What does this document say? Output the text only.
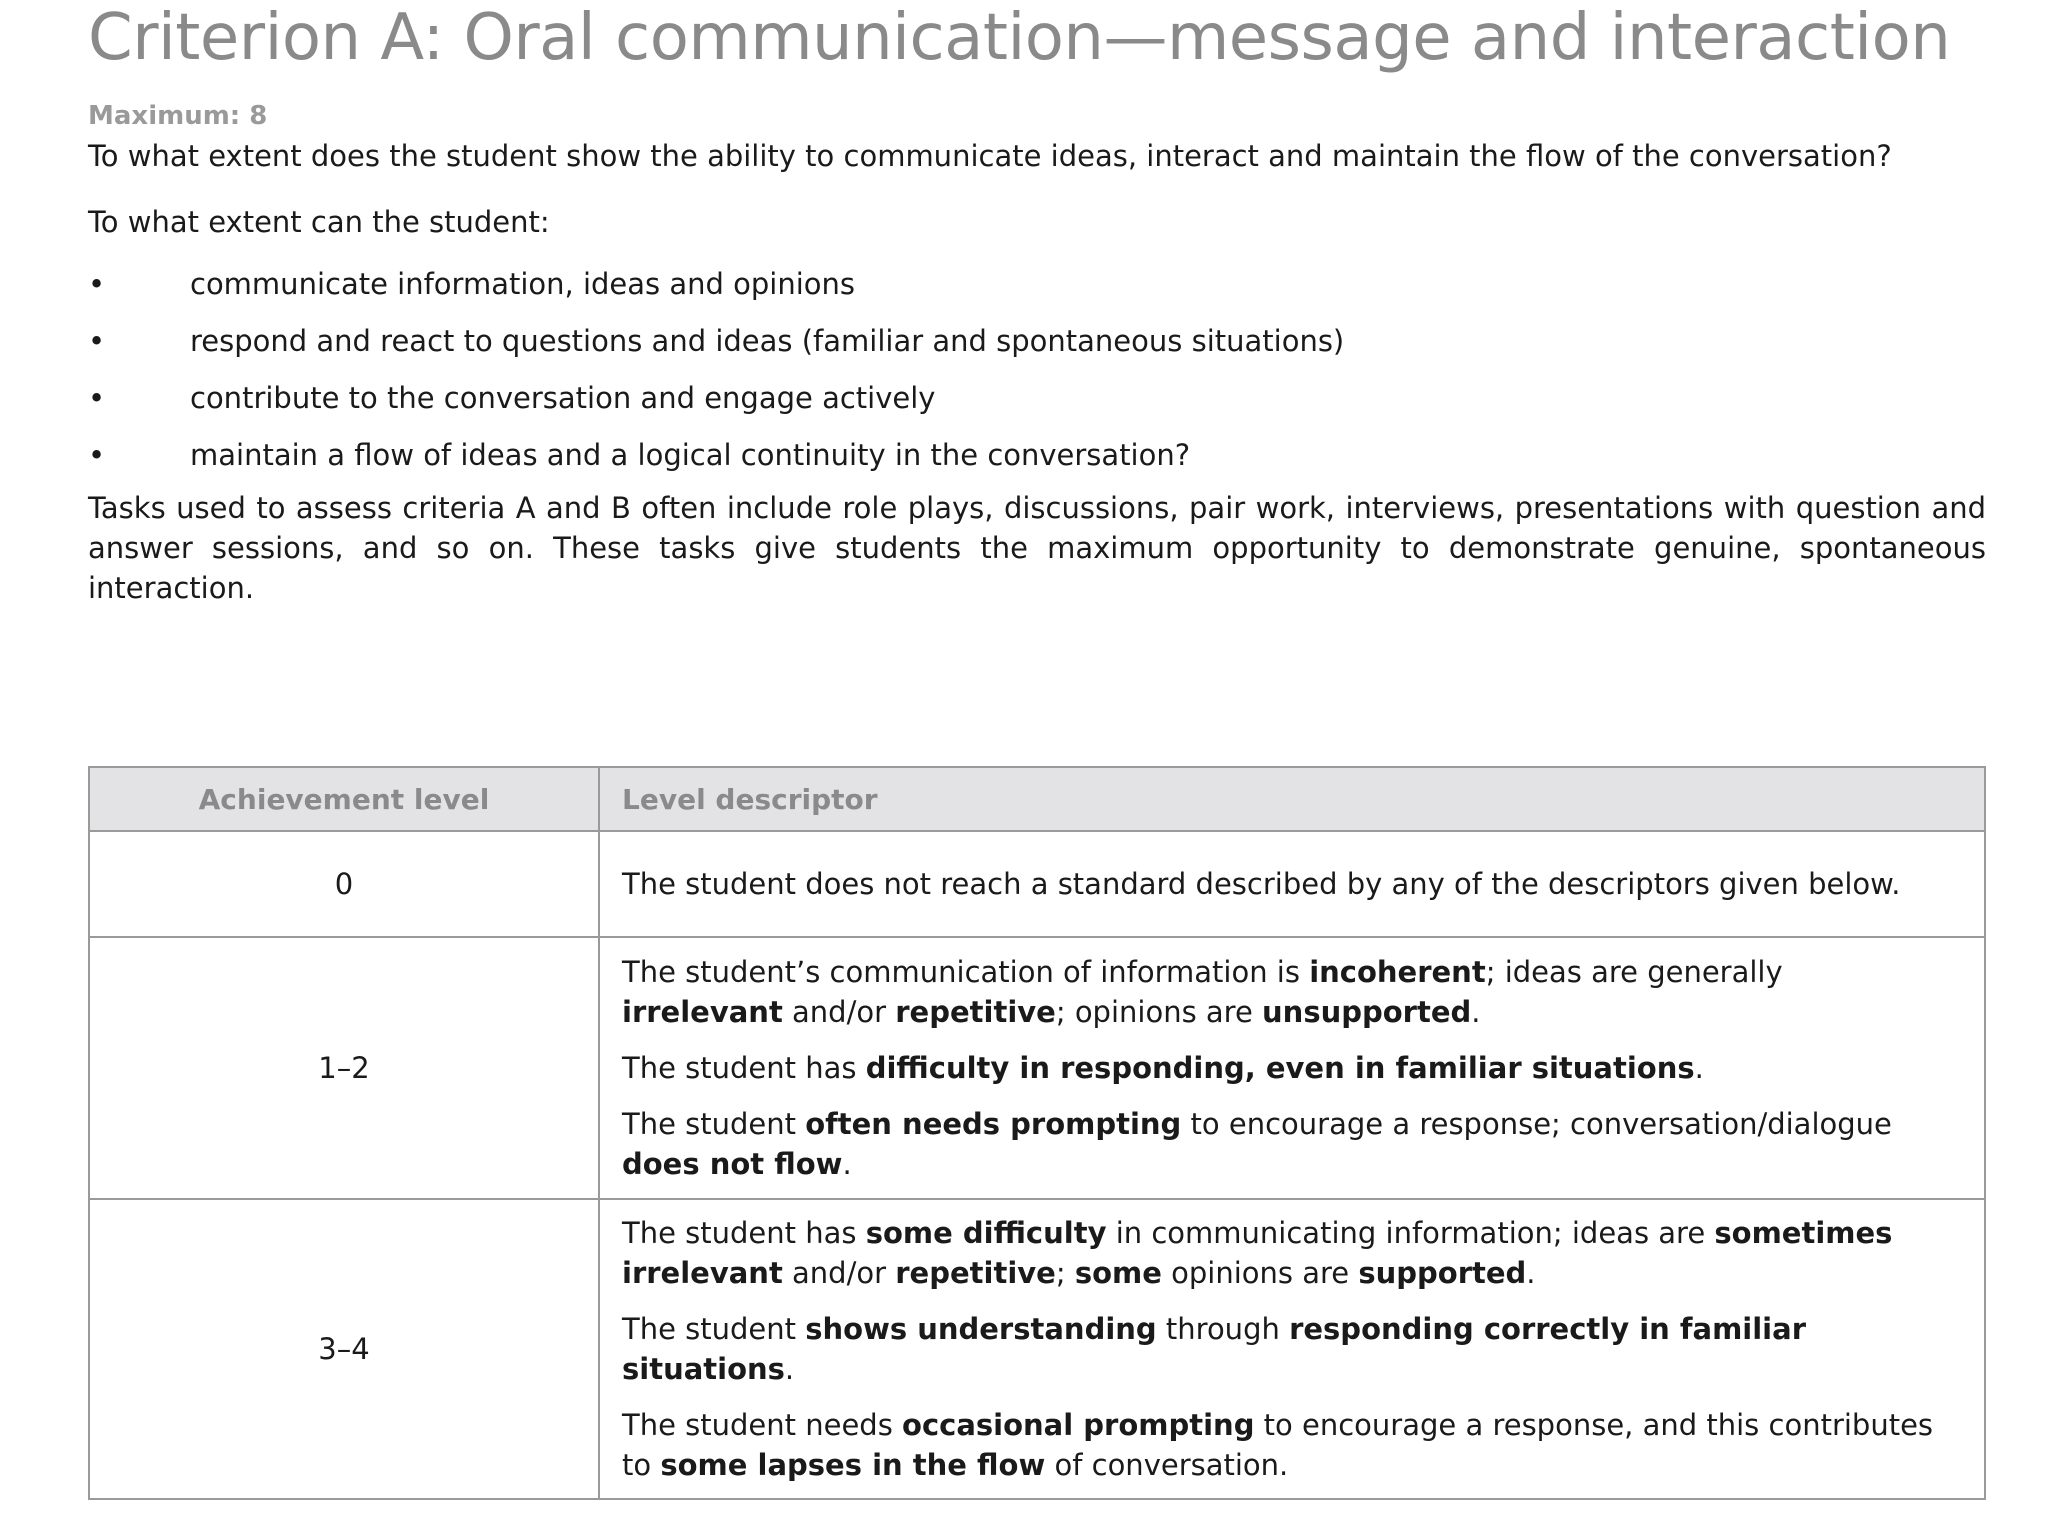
Criterion A: Oral communication—message and interaction
Maximum: 8

To what extent does the student show the ability to communicate ideas, interact and maintain the flow of the conversation?

To what extent can the student:

•	communicate information, ideas and opinions
•	respond and react to questions and ideas (familiar and spontaneous situations)
•	contribute to the conversation and engage actively
•	maintain a flow of ideas and a logical continuity in the conversation?

Tasks used to assess criteria A and B often include role plays, discussions, pair work, interviews, presentations with question and answer sessions, and so on. These tasks give students the maximum opportunity to demonstrate genuine, spontaneous interaction.

Achievement level	Level descriptor
0	The student does not reach a standard described by any of the descriptors given below.

1–2	The student’s communication of information is incoherent; ideas are generally irrelevant and/or repetitive; opinions are unsupported.

The student has difficulty in responding, even in familiar situations.

The student often needs prompting to encourage a response; conversation/dialogue does not flow.

3–4	The student has some difficulty in communicating information; ideas are sometimes irrelevant and/or repetitive; some opinions are supported.

The student shows understanding through responding correctly in familiar situations.

The student needs occasional prompting to encourage a response, and this contributes to some lapses in the flow of conversation.
